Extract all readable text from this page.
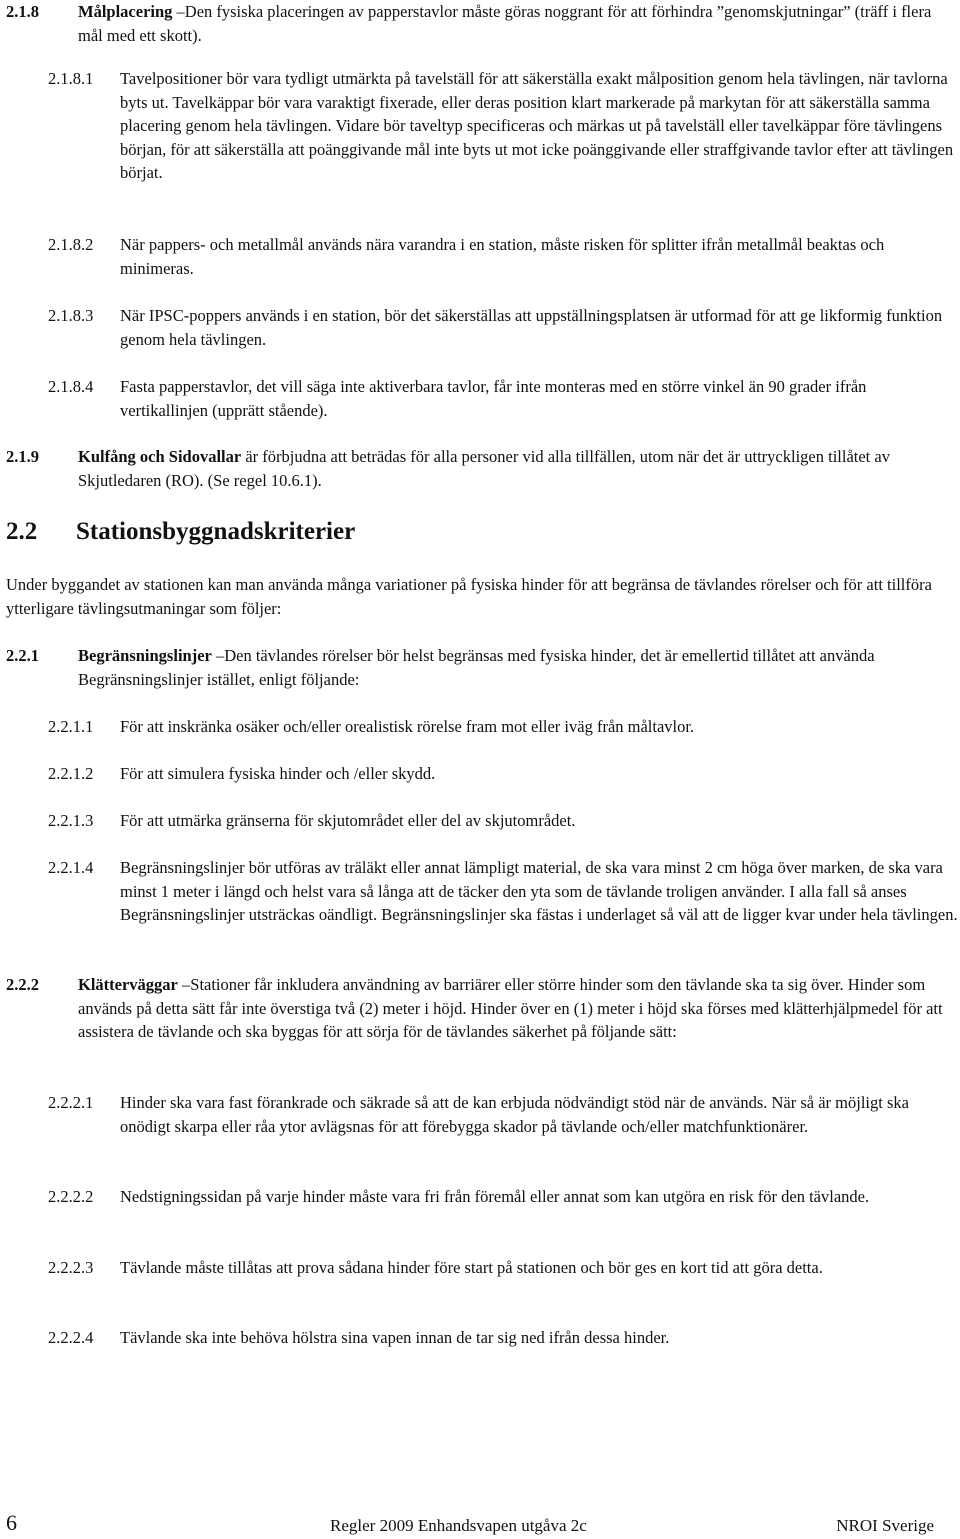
2.1.8 Målplacering – Den fysiska placeringen av papperstavlor måste göras noggrant för att förhindra ”genomskjutningar” (träff i flera mål med ett skott).
2.1.8.1 Tavelpositioner bör vara tydligt utmärkta på tavelställ för att säkerställa exakt målposition genom hela tävlingen, när tavlorna byts ut. Tavelkäppar bör vara varaktigt fixerade, eller deras position klart markerade på markytan för att säkerställa samma placering genom hela tävlingen. Vidare bör taveltyp specificeras och märkas ut på tavelställ eller tavelkäppar före tävlingens början, för att säkerställa att poänggivande mål inte byts ut mot icke poänggivande eller straffgivande tavlor efter att tävlingen börjat.
2.1.8.2 När pappers- och metallmål används nära varandra i en station, måste risken för splitter ifrån metallmål beaktas och minimeras.
2.1.8.3 När IPSC-poppers används i en station, bör det säkerställas att uppställningsplatsen är utformad för att ge likformig funktion genom hela tävlingen.
2.1.8.4 Fasta papperstavlor, det vill säga inte aktiverbara tavlor, får inte monteras med en större vinkel än 90 grader ifrån vertikallinjen (upprätt stående).
2.1.9 Kulfång och Sidovallar är förbjudna att beträdas för alla personer vid alla tillfällen, utom när det är uttryckligen tillåtet av Skjutledaren (RO). (Se regel 10.6.1).
2.2 Stationsbyggnadskriterier
Under byggandet av stationen kan man använda många variationer på fysiska hinder för att begränsa de tävlandes rörelser och för att tillföra ytterligare tävlingsutmaningar som följer:
2.2.1 Begränsningslinjer – Den tävlandes rörelser bör helst begränsas med fysiska hinder, det är emellertid tillåtet att använda Begränsningslinjer istället, enligt följande:
2.2.1.1 För att inskränka osäker och/eller orealistisk rörelse fram mot eller iväg från måltavlor.
2.2.1.2 För att simulera fysiska hinder och /eller skydd.
2.2.1.3 För att utmärka gränserna för skjutområdet eller del av skjutområdet.
2.2.1.4 Begränsningslinjer bör utföras av träläkt eller annat lämpligt material, de ska vara minst 2 cm höga över marken, de ska vara minst 1 meter i längd och helst vara så långa att de täcker den yta som de tävlande troligen använder. I alla fall så anses Begränsningslinjer utsträckas oändligt. Begränsningslinjer ska fästas i underlaget så väl att de ligger kvar under hela tävlingen.
2.2.2 Klätterväggar – Stationer får inkludera användning av barriärer eller större hinder som den tävlande ska ta sig över. Hinder som används på detta sätt får inte överstiga två (2) meter i höjd. Hinder över en (1) meter i höjd ska förses med klätterhjälpmedel för att assistera de tävlande och ska byggas för att sörja för de tävlandes säkerhet på följande sätt:
2.2.2.1 Hinder ska vara fast förankrade och säkrade så att de kan erbjuda nödvändigt stöd när de används. När så är möjligt ska onödigt skarpa eller råa ytor avlägsnas för att förebygga skador på tävlande och/eller matchfunktionärer.
2.2.2.2 Nedstigningssidan på varje hinder måste vara fri från föremål eller annat som kan utgöra en risk för den tävlande.
2.2.2.3 Tävlande måste tillåtas att prova sådana hinder före start på stationen och bör ges en kort tid att göra detta.
2.2.2.4 Tävlande ska inte behöva hölstra sina vapen innan de tar sig ned ifrån dessa hinder.
6	Regler 2009 Enhandsvapen utgåva 2c	NROI Sverige
